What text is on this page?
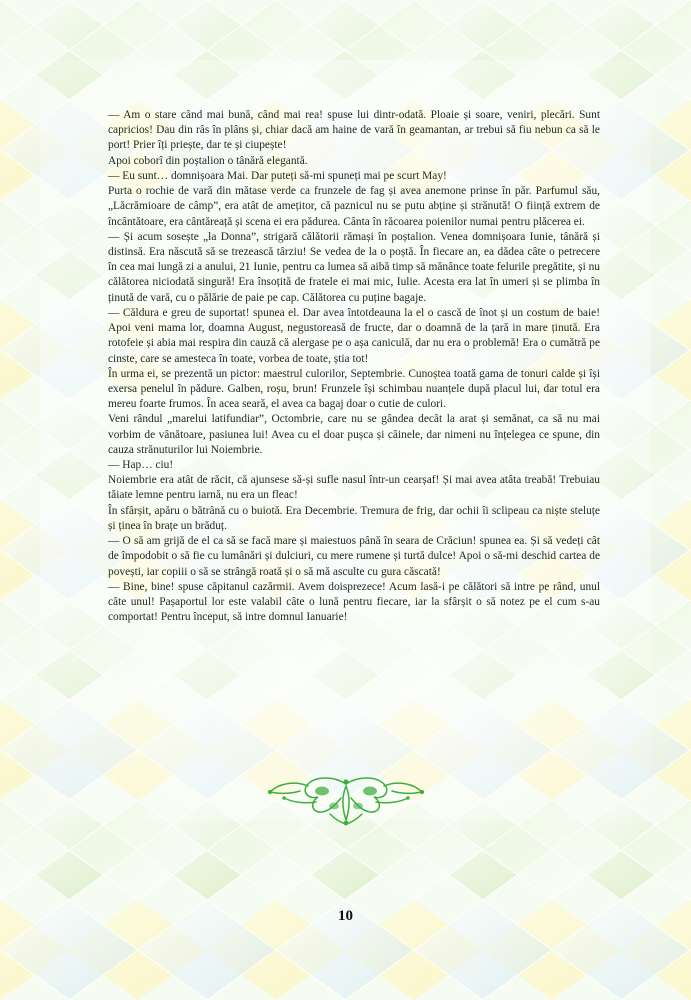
— Am o stare când mai bună, când mai rea! spuse lui dintr-odată. Ploaie și soare, veniri, plecări. Sunt capricios! Dau din râs în plâns și, chiar dacă am haine de vară în geamantan, ar trebui să fiu nebun ca să le port! Prier îți priește, dar te și ciupește!

Apoi coborî din poștalion o tânără elegantă.

— Eu sunt… domnișoara Mai. Dar puteți să-mi spuneți mai pe scurt May!

Purta o rochie de vară din mătase verde ca frunzele de fag și avea anemone prinse în păr. Parfumul său, „Lăcrămioare de câmp”, era atât de amețitor, că paznicul nu se putu abține și strănută! O ființă extrem de încântătoare, era cântăreață și scena ei era pădurea. Cânta în răcoarea poienilor numai pentru plăcerea ei.

— Și acum sosește „la Donna”, strigară călătorii rămași în poștalion. Venea domnișoara Iunie, tânără și distinsă. Era născută să se trezească târziu! Se vedea de la o poștă. În fiecare an, ea dădea câte o petrecere în cea mai lungă zi a anului, 21 Iunie, pentru ca lumea să aibă timp să mănânce toate felurile pregătite, și nu călătorea niciodată singură! Era însoțită de fratele ei mai mic, Iulie. Acesta era lat în umeri și se plimba în ținută de vară, cu o pălărie de paie pe cap. Călătorea cu puține bagaje.

— Căldura e greu de suportat! spunea el. Dar avea întotdeauna la el o cască de înot și un costum de baie! Apoi veni mama lor, doamna August, negustoreasă de fructe, dar o doamnă de la țară in mare ținută. Era rotofeie și abia mai respira din cauză că alergase pe o așa caniculă, dar nu era o problemă! Era o cumătră pe cinste, care se amesteca în toate, vorbea de toate, știa tot!

În urma ei, se prezentă un pictor: maestrul culorilor, Septembrie. Cunoștea toată gama de tonuri calde și își exersa penelul în pădure. Galben, roșu, brun! Frunzele își schimbau nuanțele după placul lui, dar totul era mereu foarte frumos. În acea seară, el avea ca bagaj doar o cutie de culori.

Veni rândul „marelui latifundiar”, Octombrie, care nu se gândea decât la arat și semănat, ca să nu mai vorbim de vânătoare, pasiunea lui! Avea cu el doar pușca și câinele, dar nimeni nu înțelegea ce spune, din cauza strănuturilor lui Noiembrie.

— Hap… ciu!

Noiembrie era atât de răcit, că ajunsese să-și sufle nasul într-un cearșaf! Și mai avea atâta treabă! Trebuiau tăiate lemne pentru iarnă, nu era un fleac!

În sfârșit, apăru o bătrână cu o buiotă. Era Decembrie. Tremura de frig, dar ochii îi sclipeau ca niște steluțe și ținea în brațe un brăduț.

— O să am grijă de el ca să se facă mare și maiestuos până în seara de Crăciun! spunea ea. Și să vedeți cât de împodobit o să fie cu lumânări și dulciuri, cu mere rumene și turtă dulce! Apoi o să-mi deschid cartea de povești, iar copiii o să se strângă roată și o să mă asculte cu gura căscată!

— Bine, bine! spuse căpitanul cazărmii. Avem doisprezece! Acum lasă-i pe călători să intre pe rând, unul câte unul! Pașaportul lor este valabil câte o lună pentru fiecare, iar la sfârșit o să notez pe el cum s-au comportat! Pentru început, să intre domnul Ianuarie!

10
